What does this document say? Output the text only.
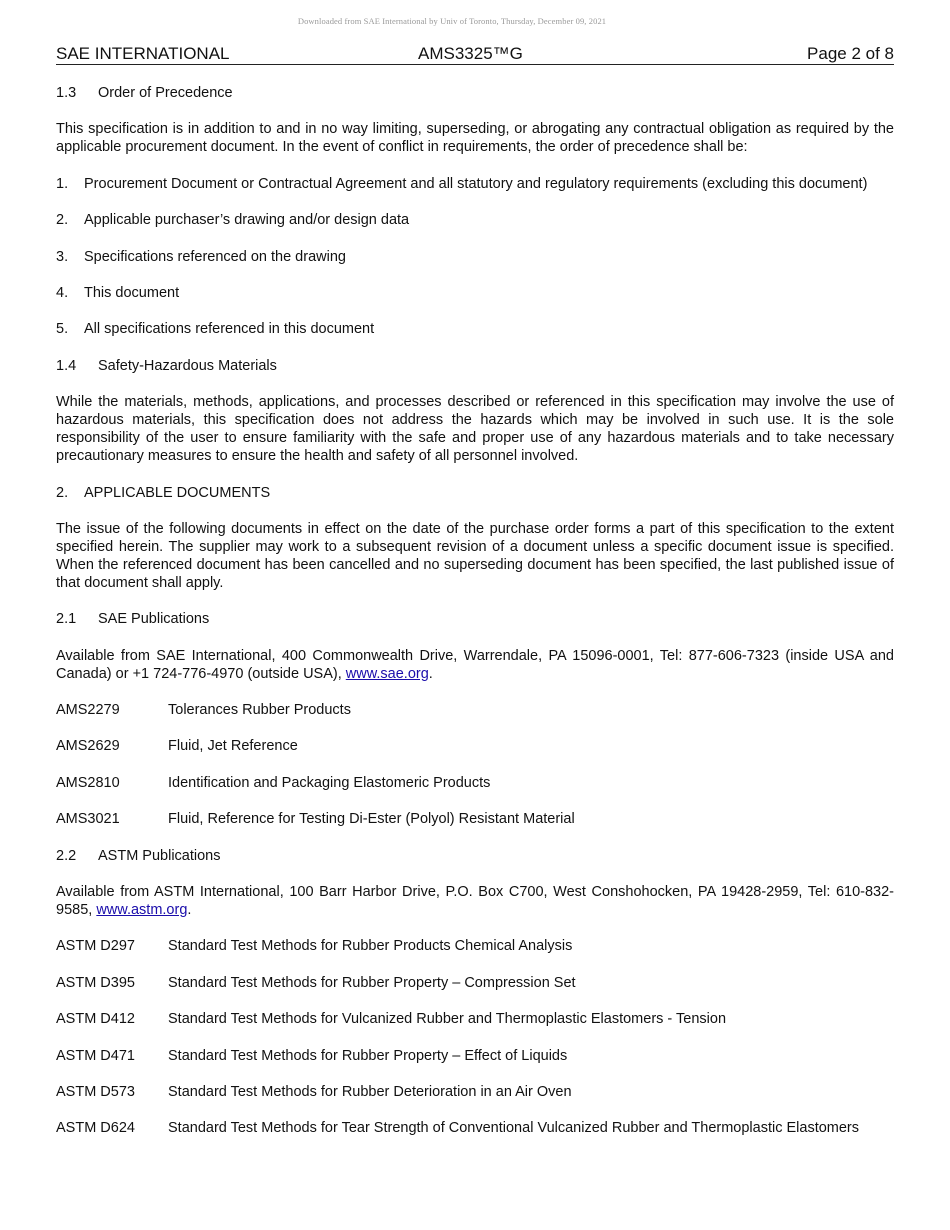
Downloaded from SAE International by Univ of Toronto, Thursday, December 09, 2021
SAE INTERNATIONAL	AMS3325™G	Page 2 of 8
1.3	Order of Precedence
This specification is in addition to and in no way limiting, superseding, or abrogating any contractual obligation as required by the applicable procurement document. In the event of conflict in requirements, the order of precedence shall be:
1.	Procurement Document or Contractual Agreement and all statutory and regulatory requirements (excluding this document)
2.	Applicable purchaser’s drawing and/or design data
3.	Specifications referenced on the drawing
4.	This document
5.	All specifications referenced in this document
1.4	Safety-Hazardous Materials
While the materials, methods, applications, and processes described or referenced in this specification may involve the use of hazardous materials, this specification does not address the hazards which may be involved in such use. It is the sole responsibility of the user to ensure familiarity with the safe and proper use of any hazardous materials and to take necessary precautionary measures to ensure the health and safety of all personnel involved.
2.	APPLICABLE DOCUMENTS
The issue of the following documents in effect on the date of the purchase order forms a part of this specification to the extent specified herein. The supplier may work to a subsequent revision of a document unless a specific document issue is specified. When the referenced document has been cancelled and no superseding document has been specified, the last published issue of that document shall apply.
2.1	SAE Publications
Available from SAE International, 400 Commonwealth Drive, Warrendale, PA 15096-0001, Tel: 877-606-7323 (inside USA and Canada) or +1 724-776-4970 (outside USA), www.sae.org.
AMS2279	Tolerances Rubber Products
AMS2629	Fluid, Jet Reference
AMS2810	Identification and Packaging Elastomeric Products
AMS3021	Fluid, Reference for Testing Di-Ester (Polyol) Resistant Material
2.2	ASTM Publications
Available from ASTM International, 100 Barr Harbor Drive, P.O. Box C700, West Conshohocken, PA 19428-2959, Tel: 610-832-9585, www.astm.org.
ASTM D297	Standard Test Methods for Rubber Products Chemical Analysis
ASTM D395	Standard Test Methods for Rubber Property – Compression Set
ASTM D412	Standard Test Methods for Vulcanized Rubber and Thermoplastic Elastomers - Tension
ASTM D471	Standard Test Methods for Rubber Property – Effect of Liquids
ASTM D573	Standard Test Methods for Rubber Deterioration in an Air Oven
ASTM D624	Standard Test Methods for Tear Strength of Conventional Vulcanized Rubber and Thermoplastic Elastomers
